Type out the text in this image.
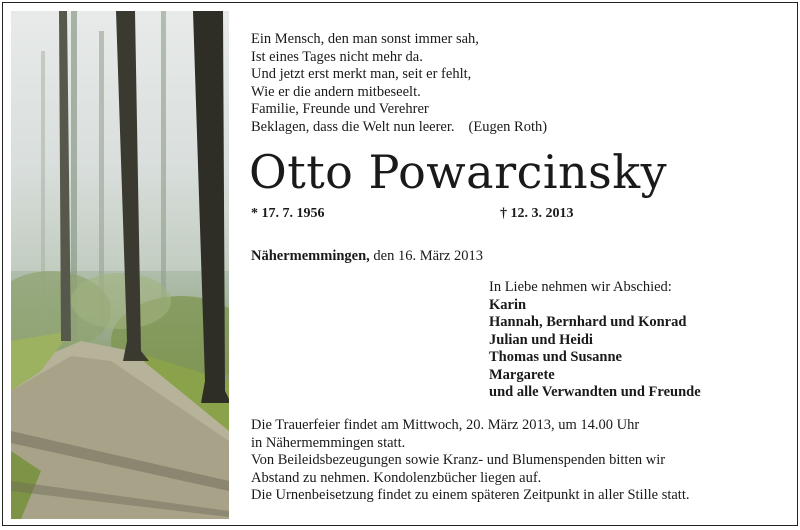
Ein Mensch, den man sonst immer sah,
Ist eines Tages nicht mehr da.
Und jetzt erst merkt man, seit er fehlt,
Wie er die andern mitbeseelt.
Familie, Freunde und Verehrer
Beklagen, dass die Welt nun leerer. (Eugen Roth)
Otto Powarcinsky
* 17. 7. 1956	† 12. 3. 2013
Nähermemmingen, den 16. März 2013
In Liebe nehmen wir Abschied:
Karin
Hannah, Bernhard und Konrad
Julian und Heidi
Thomas und Susanne
Margarete
und alle Verwandten und Freunde
Die Trauerfeier findet am Mittwoch, 20. März 2013, um 14.00 Uhr
in Nähermemmingen statt.
Von Beileidsbezeugungen sowie Kranz- und Blumenspenden bitten wir
Abstand zu nehmen. Kondolenzbücher liegen auf.
Die Urnenbeisetzung findet zu einem späteren Zeitpunkt in aller Stille statt.
